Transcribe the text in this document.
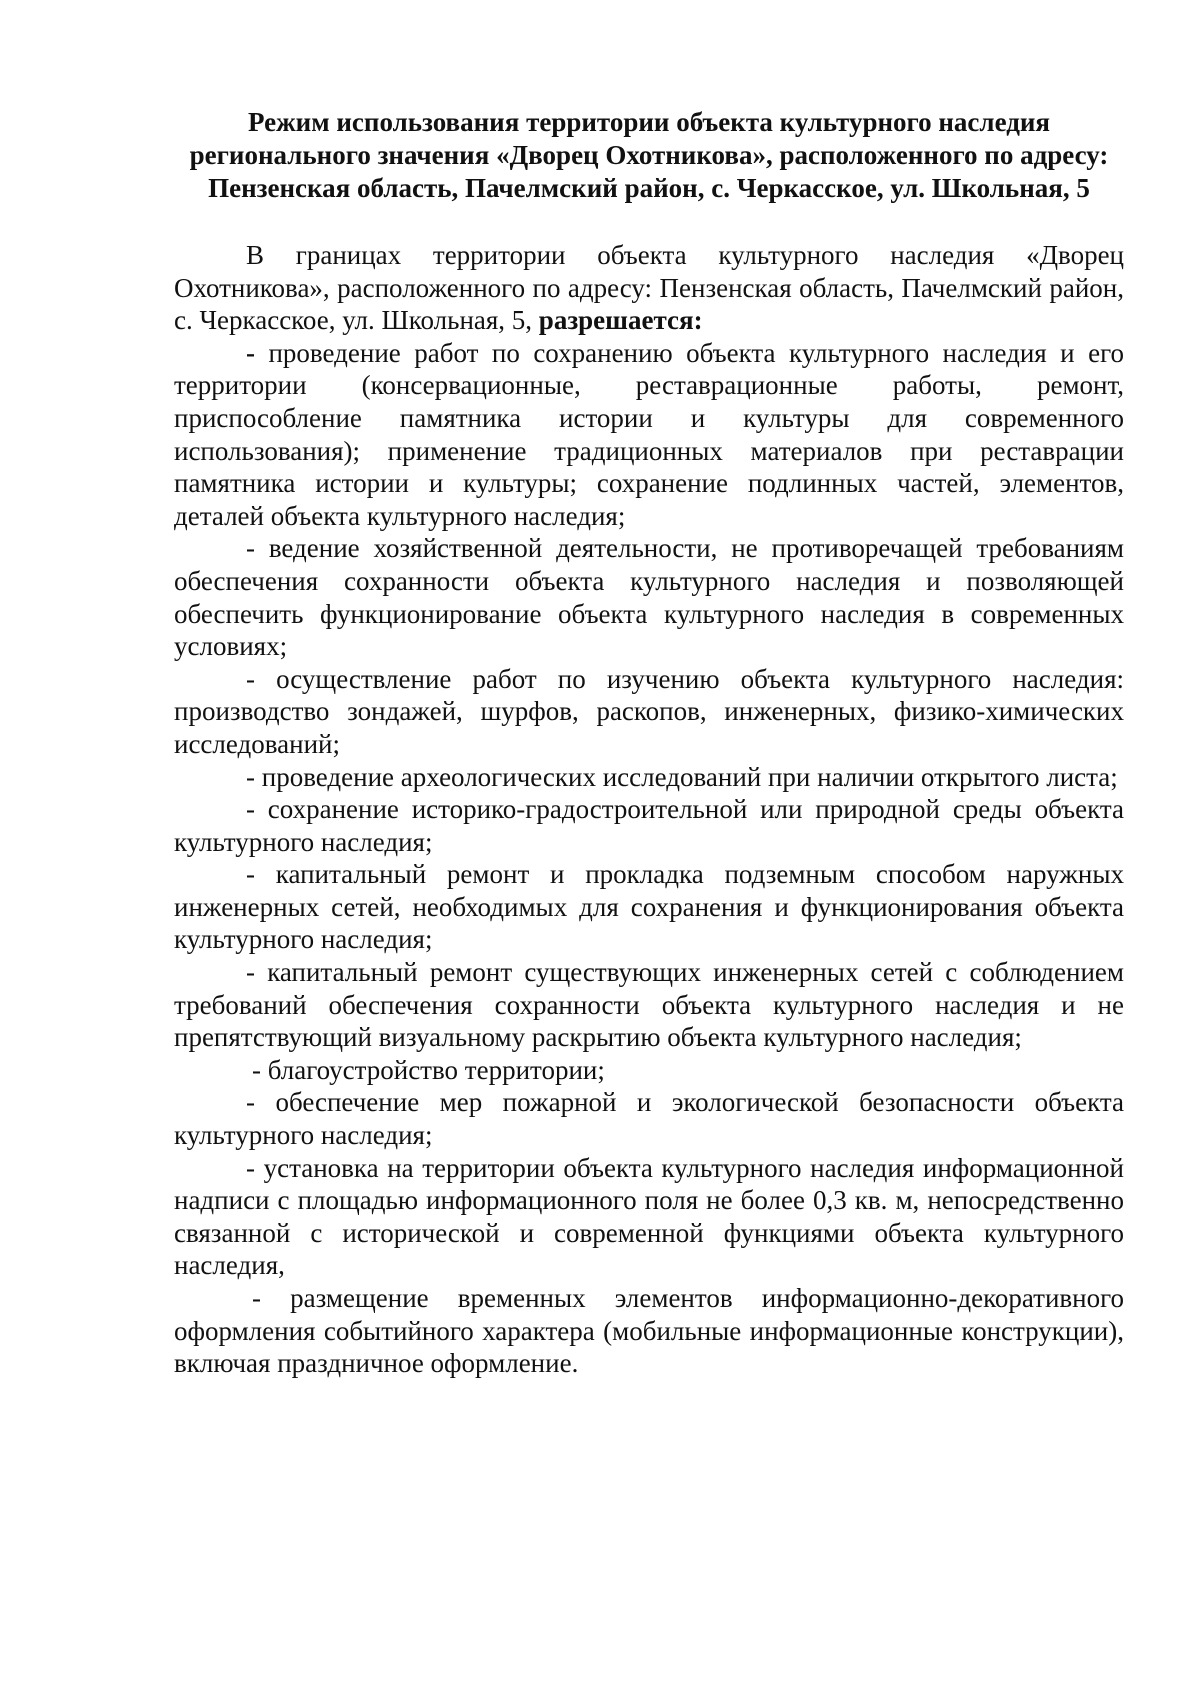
Режим использования территории объекта культурного наследия
регионального значения «Дворец Охотникова», расположенного по адресу:
Пензенская область, Пачелмский район, с. Черкасское, ул. Школьная, 5

В границах территории объекта культурного наследия «Дворец Охотникова», расположенного по адресу: Пензенская область, Пачелмский район, с. Черкасское, ул. Школьная, 5, разрешается:

- проведение работ по сохранению объекта культурного наследия и его территории (консервационные, реставрационные работы, ремонт, приспособление памятника истории и культуры для современного использования); применение традиционных материалов при реставрации памятника истории и культуры; сохранение подлинных частей, элементов, деталей объекта культурного наследия;

- ведение хозяйственной деятельности, не противоречащей требованиям обеспечения сохранности объекта культурного наследия и позволяющей обеспечить функционирование объекта культурного наследия в современных условиях;

- осуществление работ по изучению объекта культурного наследия: производство зондажей, шурфов, раскопов, инженерных, физико-химических исследований;

- проведение археологических исследований при наличии открытого листа;

- сохранение историко-градостроительной или природной среды объекта культурного наследия;

- капитальный ремонт и прокладка подземным способом наружных инженерных сетей, необходимых для сохранения и функционирования объекта культурного наследия;

- капитальный ремонт существующих инженерных сетей с соблюдением требований обеспечения сохранности объекта культурного наследия и не препятствующий визуальному раскрытию объекта культурного наследия;

- благоустройство территории;

- обеспечение мер пожарной и экологической безопасности объекта культурного наследия;

- установка на территории объекта культурного наследия информационной надписи с площадью информационного поля не более 0,3 кв. м, непосредственно связанной с исторической и современной функциями объекта культурного наследия,

- размещение временных элементов информационно-декоративного оформления событийного характера (мобильные информационные конструкции), включая праздничное оформление.
